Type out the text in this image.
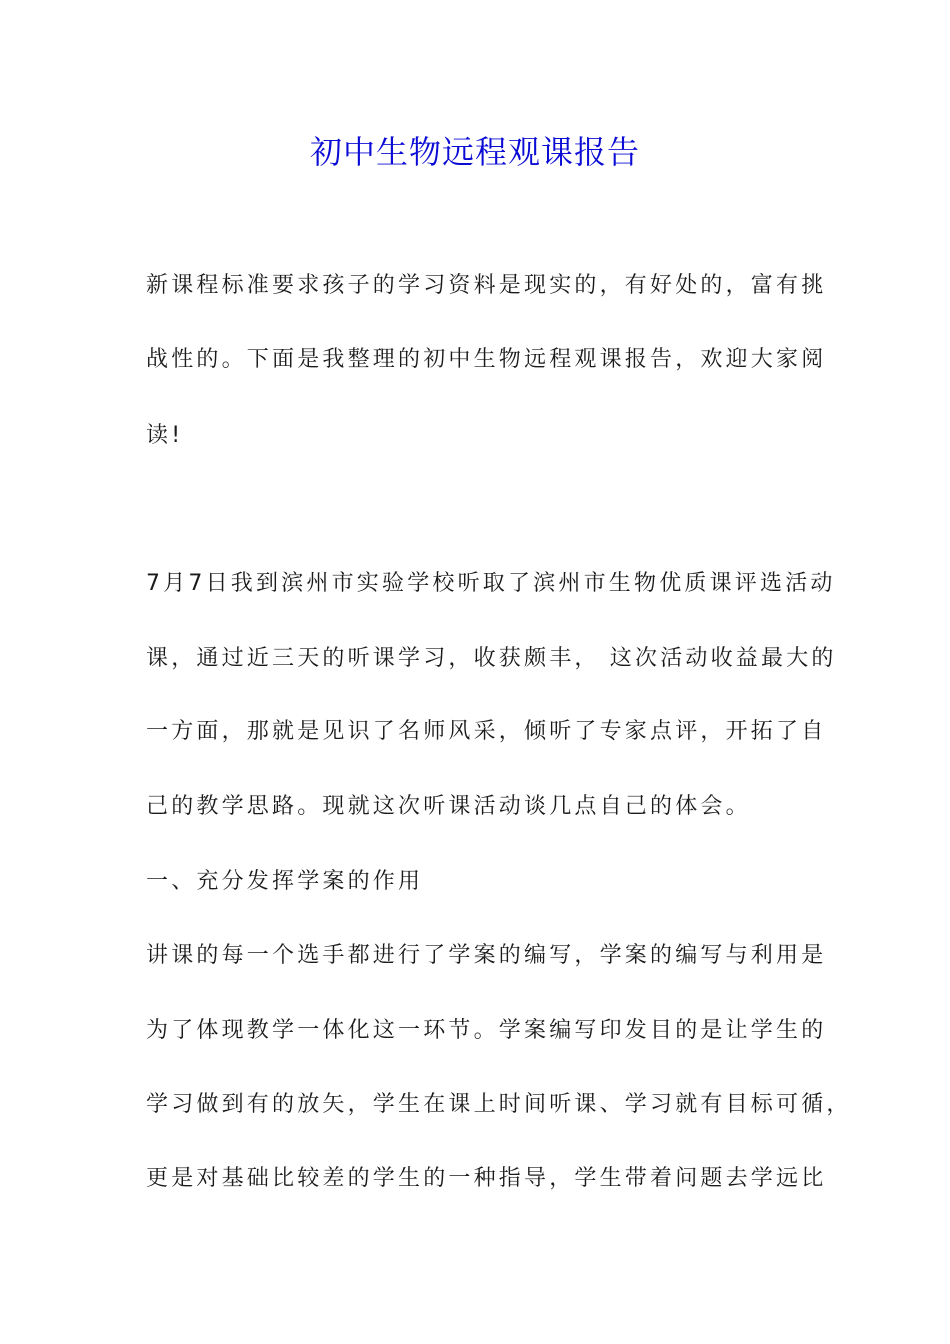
初中生物远程观课报告
新课程标准要求孩子的学习资料是现实的，有好处的，富有挑
战性的。下面是我整理的初中生物远程观课报告，欢迎大家阅
读!
7月7日我到滨州市实验学校听取了滨州市生物优质课评选活动
课，通过近三天的听课学习，收获颇丰， 这次活动收益最大的
一方面，那就是见识了名师风采，倾听了专家点评，开拓了自
己的教学思路。现就这次听课活动谈几点自己的体会。
一、充分发挥学案的作用
讲课的每一个选手都进行了学案的编写，学案的编写与利用是
为了体现教学一体化这一环节。学案编写印发目的是让学生的
学习做到有的放矢，学生在课上时间听课、学习就有目标可循，
更是对基础比较差的学生的一种指导，学生带着问题去学远比
